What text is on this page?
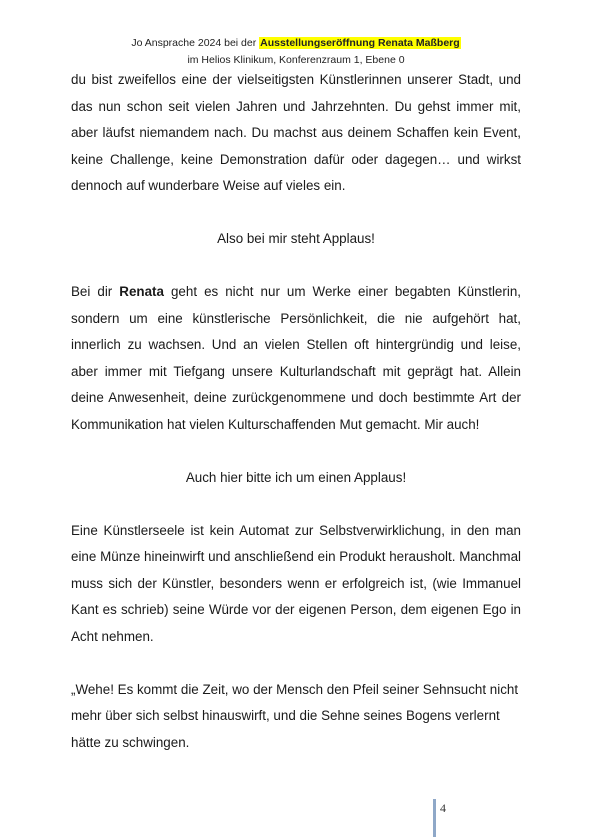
Jo Ansprache 2024 bei der Ausstellungseröffnung Renata Maßberg
im Helios Klinikum, Konferenzraum 1, Ebene 0

du bist zweifellos eine der vielseitigsten Künstlerinnen unserer Stadt, und das nun schon seit vielen Jahren und Jahrzehnten. Du gehst immer mit, aber läufst niemandem nach. Du machst aus deinem Schaffen kein Event, keine Challenge, keine Demonstration dafür oder dagegen… und wirkst dennoch auf wunderbare Weise auf vieles ein.

Also bei mir steht Applaus!

Bei dir Renata geht es nicht nur um Werke einer begabten Künstlerin, sondern um eine künstlerische Persönlichkeit, die nie aufgehört hat, innerlich zu wachsen. Und an vielen Stellen oft hintergründig und leise, aber immer mit Tiefgang unsere Kulturlandschaft mit geprägt hat. Allein deine Anwesenheit, deine zurückgenommene und doch bestimmte Art der Kommunikation hat vielen Kulturschaffenden Mut gemacht. Mir auch!

Auch hier bitte ich um einen Applaus!

Eine Künstlerseele ist kein Automat zur Selbstverwirklichung, in den man eine Münze hineinwirft und anschließend ein Produkt herausholt. Manchmal muss sich der Künstler, besonders wenn er erfolgreich ist, (wie Immanuel Kant es schrieb) seine Würde vor der eigenen Person, dem eigenen Ego in Acht nehmen.

„Wehe! Es kommt die Zeit, wo der Mensch den Pfeil seiner Sehnsucht nicht mehr über sich selbst hinauswirft, und die Sehne seines Bogens verlernt hätte zu schwingen.

4
